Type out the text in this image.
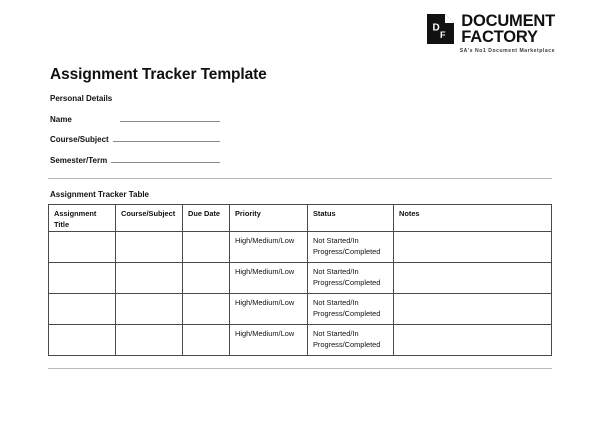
D
F
DOCUMENT
FACTORY
SA's No1 Document Marketplace
Assignment Tracker Template
Personal Details
Name
Course/Subject
Semester/Term
Assignment Tracker Table
Assignment Title	Course/Subject	Due Date	Priority	Status	Notes
			High/Medium/Low	Not Started/In Progress/Completed	
			High/Medium/Low	Not Started/In Progress/Completed	
			High/Medium/Low	Not Started/In Progress/Completed	
			High/Medium/Low	Not Started/In Progress/Completed	
